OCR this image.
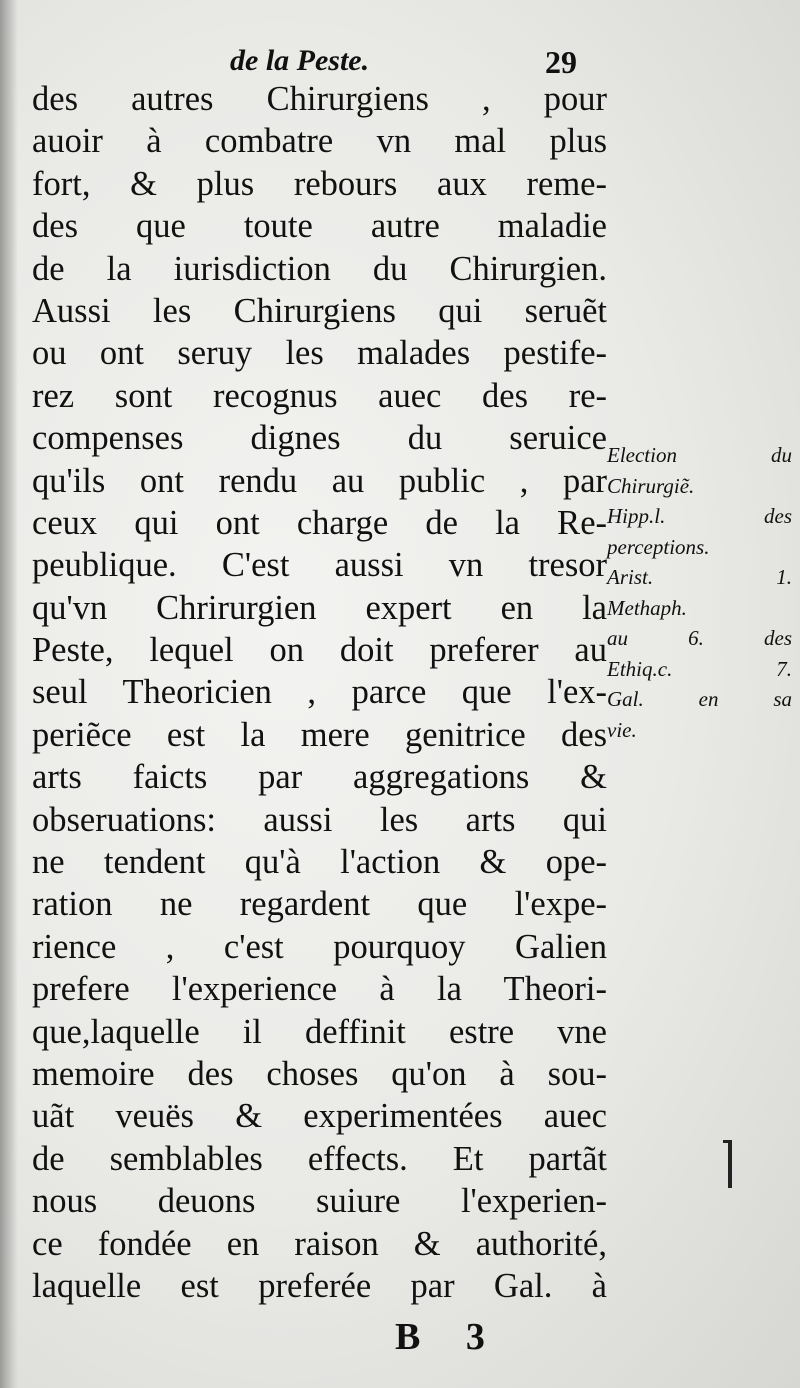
de la Peste.	29
des autres Chirurgiens , pour
auoir à combatre vn mal plus
fort, & plus rebours aux reme-
des que toute autre maladie
de la iurisdiction du Chirurgien.
Aussi les Chirurgiens qui seruẽt
ou ont seruy les malades pestife-
rez sont recognus auec des re-
compenses dignes du seruice
qu'ils ont rendu au public , par
ceux qui ont charge de la Re-
peublique. C'est aussi vn tresor
qu'vn Chrirurgien expert en la
Peste, lequel on doit preferer au
seul Theoricien , parce que l'ex-
periẽce est la mere genitrice des
arts faicts par aggregations &
obseruations: aussi les arts qui
ne tendent qu'à l'action & ope-
ration ne regardent que l'expe-
rience , c'est pourquoy Galien
prefere l'experience à la Theori-
que,laquelle il deffinit estre vne
memoire des choses qu'on à sou-
uãt veuës & experimentées auec
de semblables effects. Et partãt
nous deuons suiure l'experien-
ce fondée en raison & authorité,
laquelle est preferée par Gal. à
Election du
Chirurgiẽ.
Hipp.l. des
perceptions.
Arist. 1.
Methaph.
au 6. des
Ethiq.c. 7.
Gal. en sa
vie.
B 3
